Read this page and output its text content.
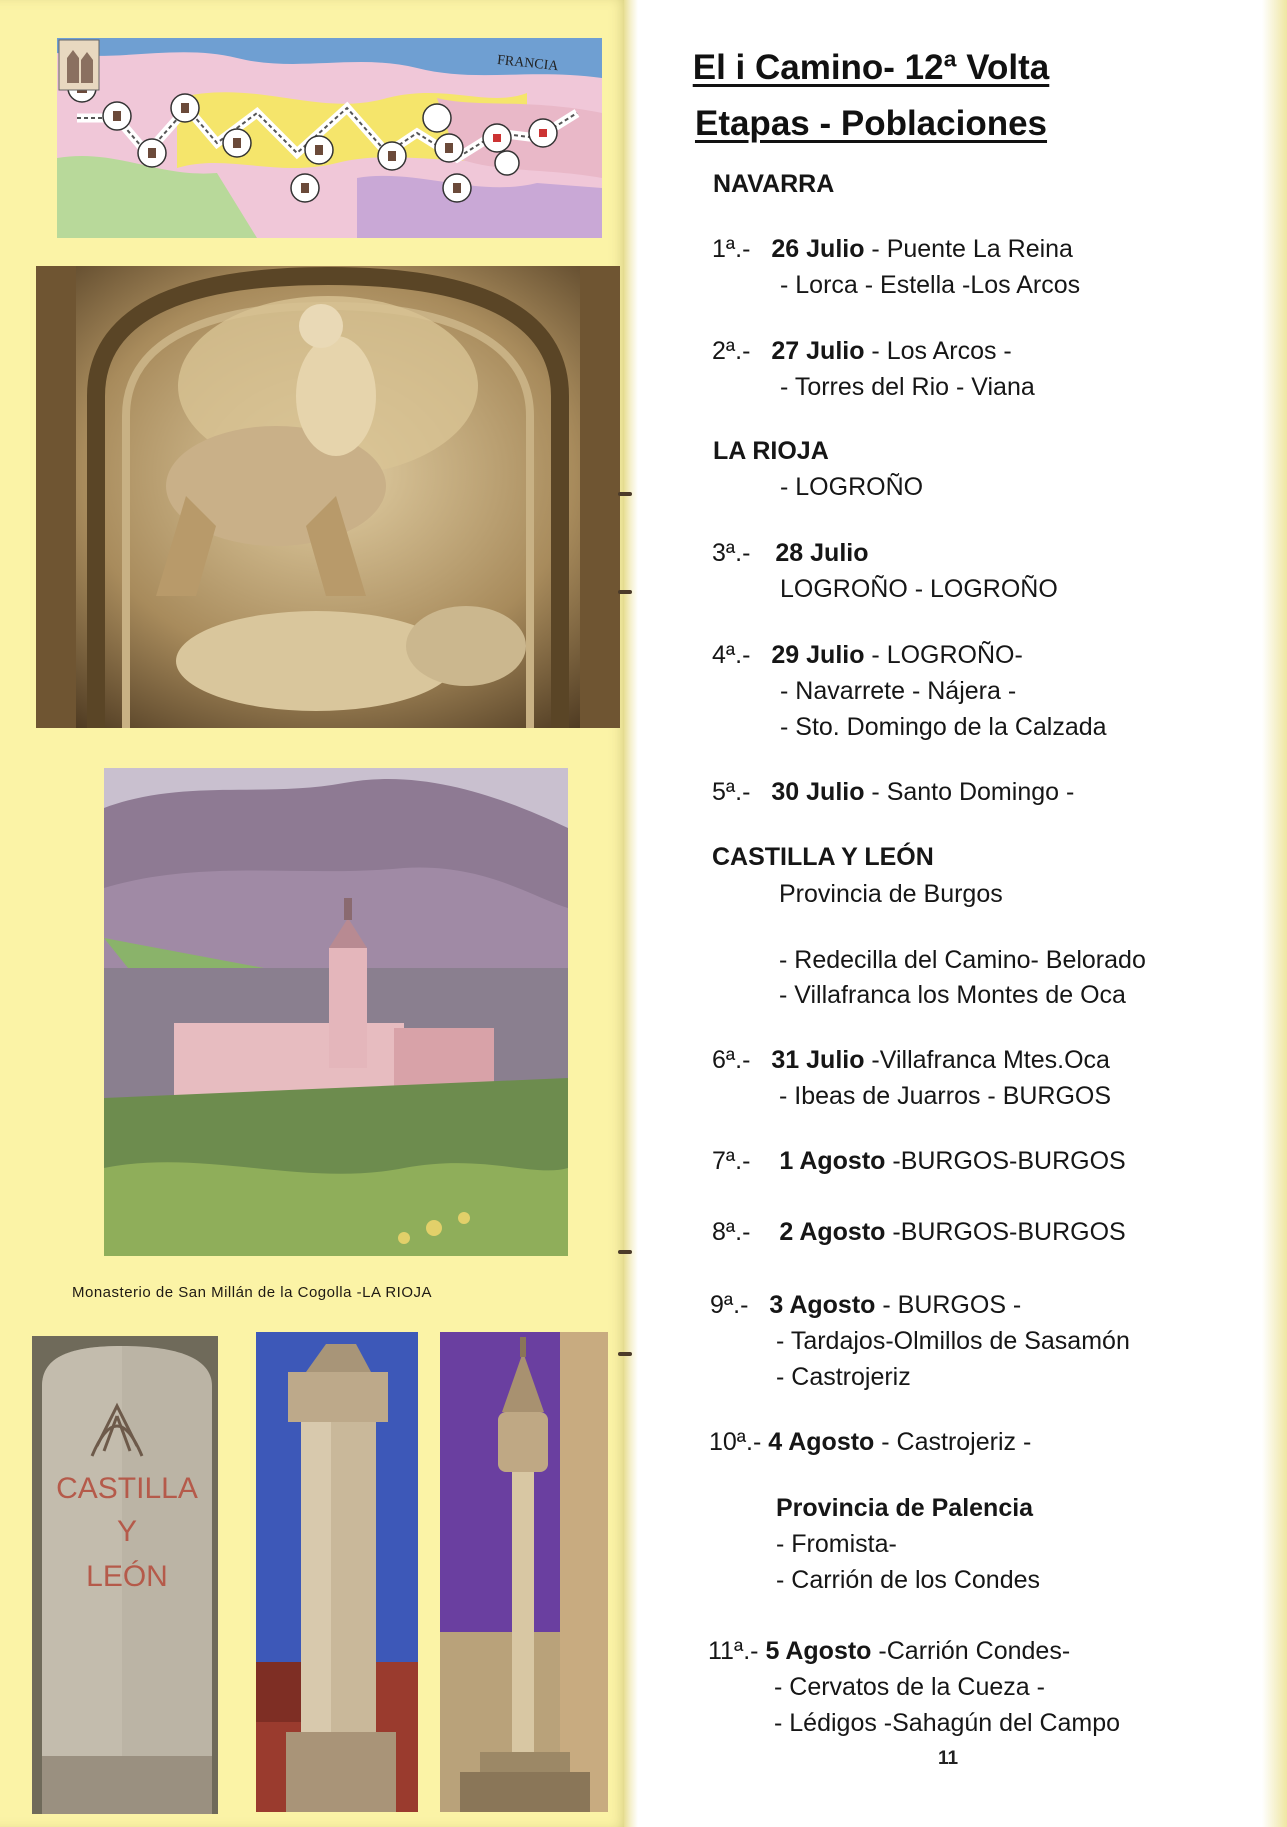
FRANCIA
Monasterio de San Millán de la Cogolla -LA RIOJA
CASTILLA
Y
LEÓN
El i Camino- 12ª Volta
Etapas - Poblaciones
NAVARRA
1ª.- 26 Julio - Puente La Reina
- Lorca - Estella -Los Arcos
2ª.- 27 Julio - Los Arcos -
- Torres del Rio - Viana
LA RIOJA
- LOGROÑO
3ª.- 28 Julio
LOGROÑO - LOGROÑO
4ª.- 29 Julio - LOGROÑO-
- Navarrete - Nájera -
- Sto. Domingo de la Calzada
5ª.- 30 Julio - Santo Domingo -
CASTILLA Y LEÓN
Provincia de Burgos
- Redecilla del Camino- Belorado
- Villafranca los Montes de Oca
6ª.- 31 Julio -Villafranca Mtes.Oca
- Ibeas de Juarros - BURGOS
7ª.- 1 Agosto -BURGOS-BURGOS
8ª.- 2 Agosto -BURGOS-BURGOS
9ª.- 3 Agosto - BURGOS -
- Tardajos-Olmillos de Sasamón
- Castrojeriz
10ª.- 4 Agosto - Castrojeriz -
Provincia de Palencia
- Fromista-
- Carrión de los Condes
11ª.- 5 Agosto -Carrión Condes-
- Cervatos de la Cueza -
- Lédigos -Sahagún del Campo
11
